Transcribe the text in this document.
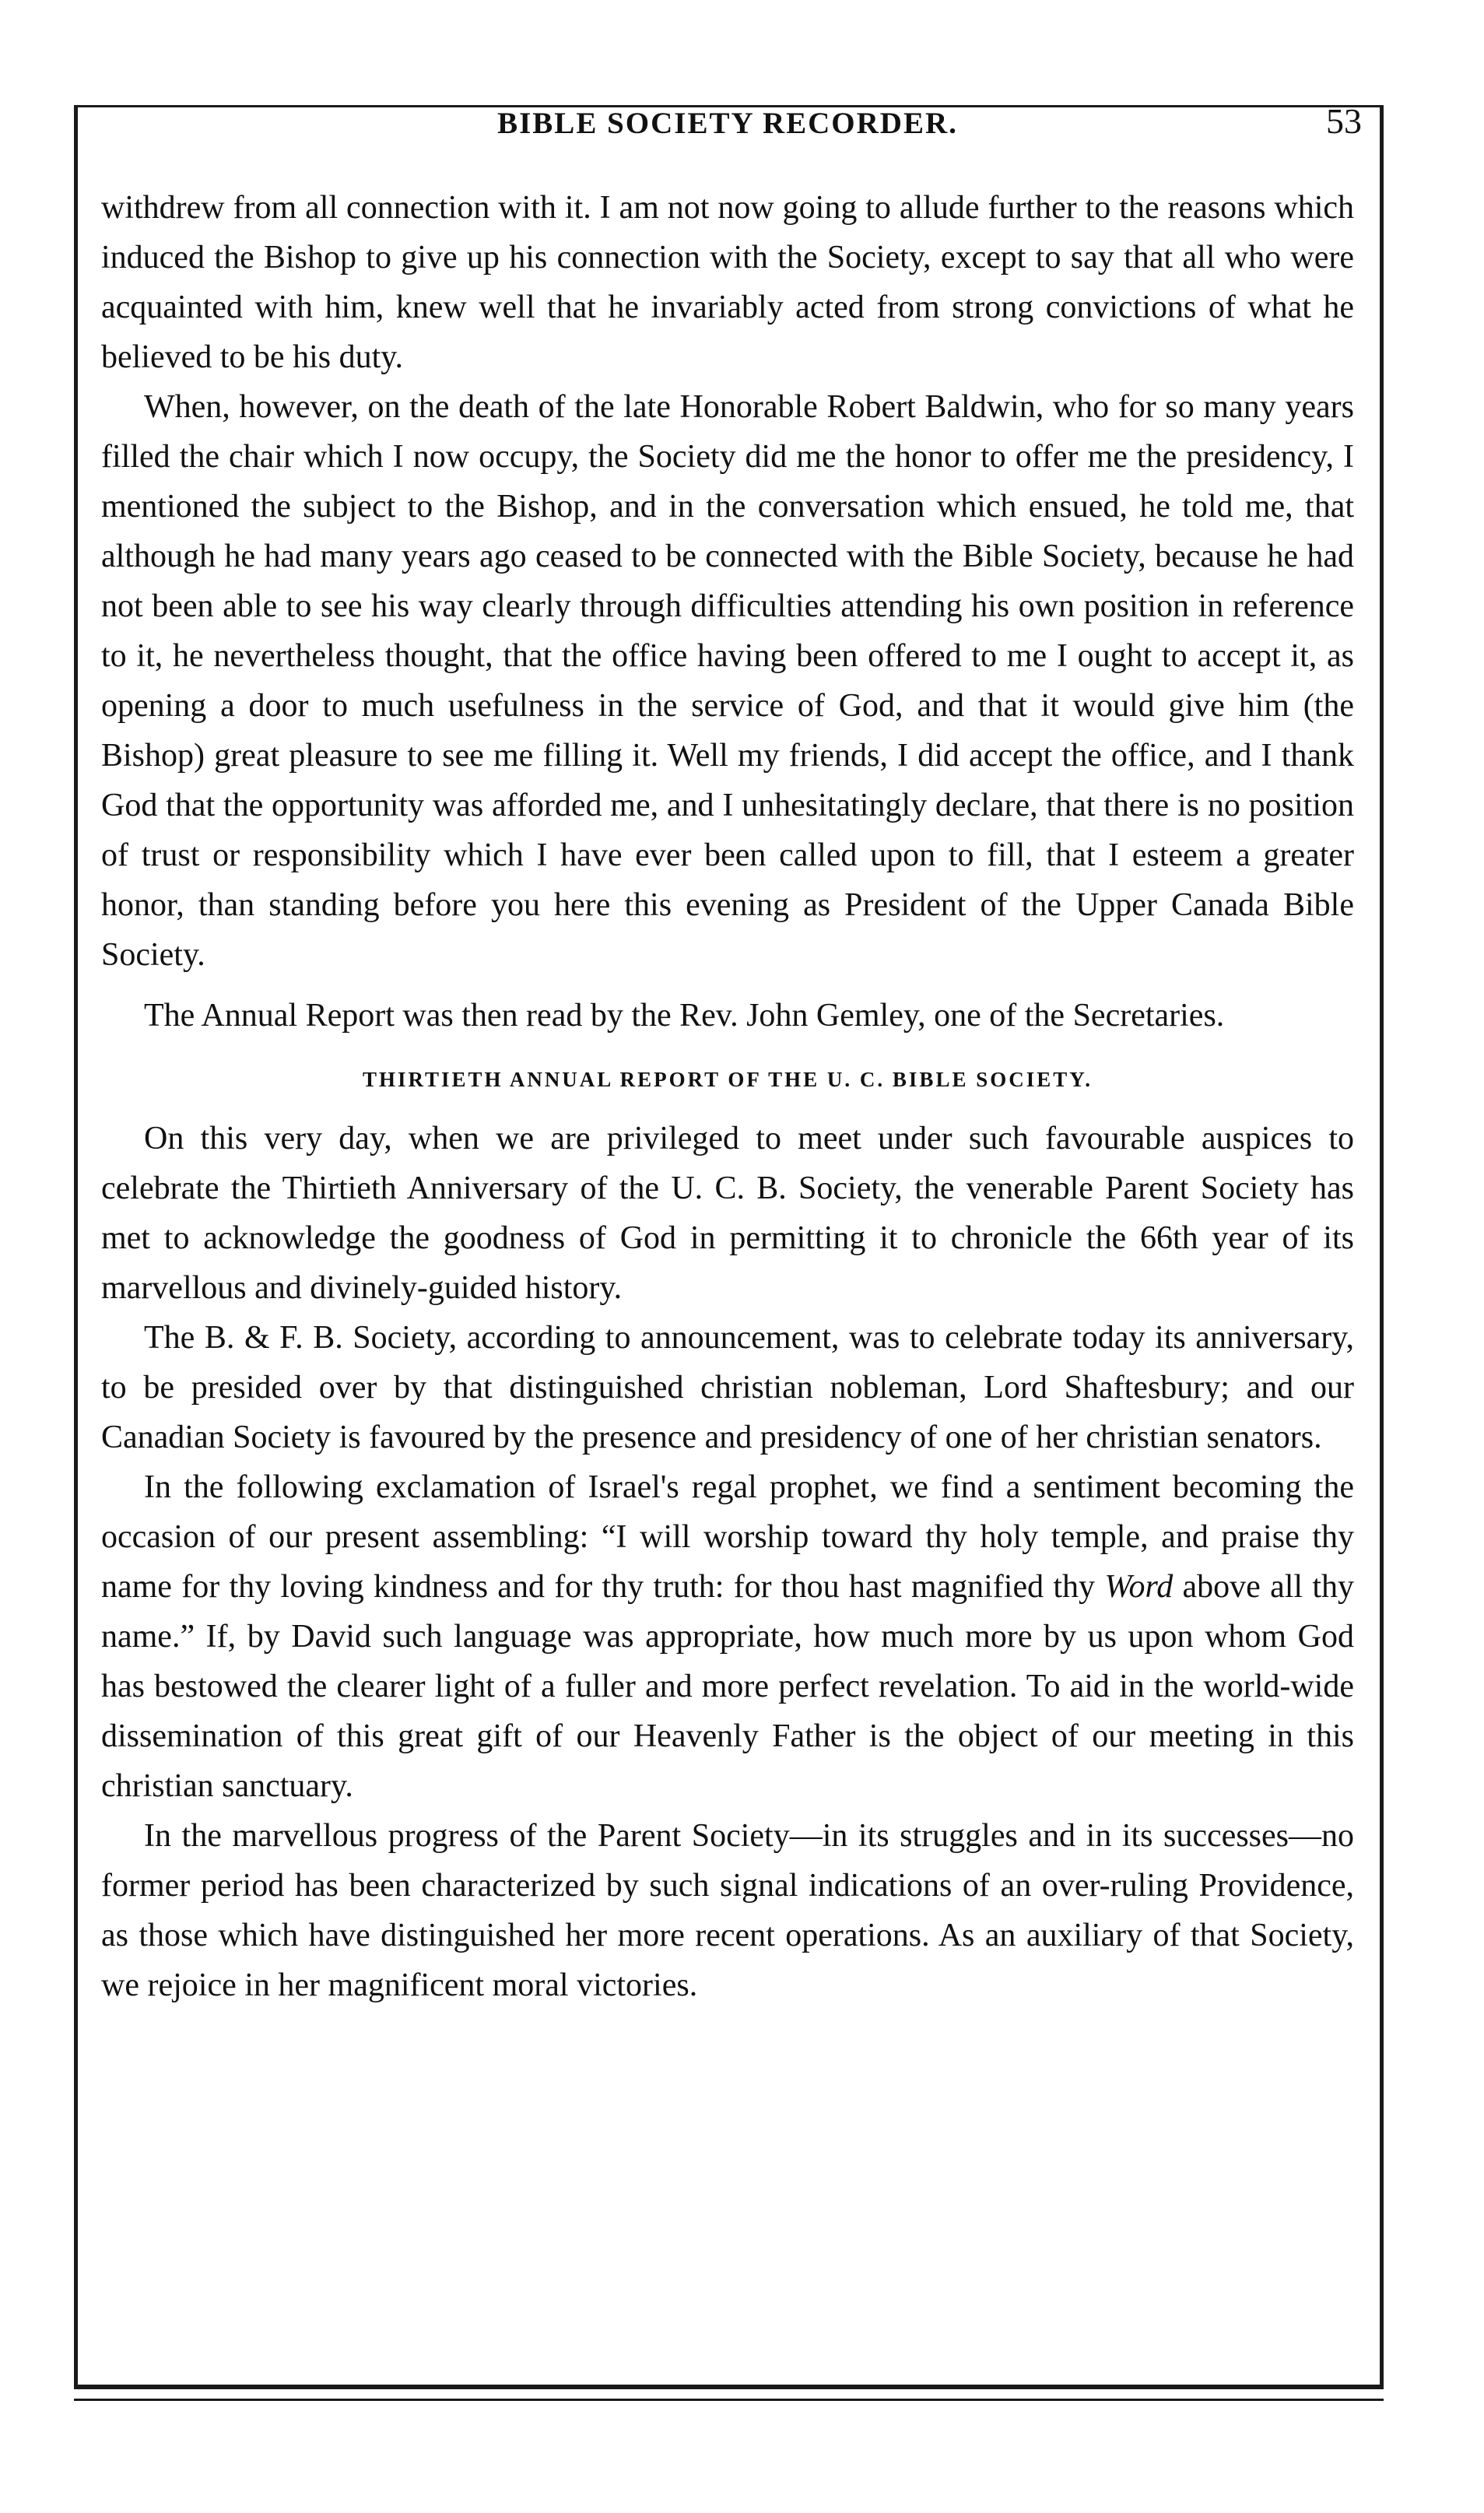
BIBLE SOCIETY RECORDER.	53

withdrew from all connection with it. I am not now going to allude further to the reasons which induced the Bishop to give up his connection with the Society, except to say that all who were acquainted with him, knew well that he invariably acted from strong convictions of what he believed to be his duty.

When, however, on the death of the late Honorable Robert Baldwin, who for so many years filled the chair which I now occupy, the Society did me the honor to offer me the presidency, I mentioned the subject to the Bishop, and in the conversation which ensued, he told me, that although he had many years ago ceased to be connected with the Bible Society, because he had not been able to see his way clearly through difficulties attending his own position in reference to it, he nevertheless thought, that the office having been offered to me I ought to accept it, as opening a door to much usefulness in the service of God, and that it would give him (the Bishop) great pleasure to see me filling it. Well my friends, I did accept the office, and I thank God that the opportunity was afforded me, and I unhesitatingly declare, that there is no position of trust or responsibility which I have ever been called upon to fill, that I esteem a greater honor, than standing before you here this evening as President of the Upper Canada Bible Society.

The Annual Report was then read by the Rev. John Gemley, one of the Secretaries.

THIRTIETH ANNUAL REPORT OF THE U. C. BIBLE SOCIETY.

On this very day, when we are privileged to meet under such favourable auspices to celebrate the Thirtieth Anniversary of the U. C. B. Society, the venerable Parent Society has met to acknowledge the goodness of God in permitting it to chronicle the 66th year of its marvellous and divinely-guided history.

The B. & F. B. Society, according to announcement, was to celebrate today its anniversary, to be presided over by that distinguished christian nobleman, Lord Shaftesbury; and our Canadian Society is favoured by the presence and presidency of one of her christian senators.

In the following exclamation of Israel's regal prophet, we find a sentiment becoming the occasion of our present assembling: “I will worship toward thy holy temple, and praise thy name for thy loving kindness and for thy truth: for thou hast magnified thy Word above all thy name.” If, by David such language was appropriate, how much more by us upon whom God has bestowed the clearer light of a fuller and more perfect revelation. To aid in the world-wide dissemination of this great gift of our Heavenly Father is the object of our meeting in this christian sanctuary.

In the marvellous progress of the Parent Society—in its struggles and in its successes—no former period has been characterized by such signal indications of an over-ruling Providence, as those which have distinguished her more recent operations. As an auxiliary of that Society, we rejoice in her magnificent moral victories.
